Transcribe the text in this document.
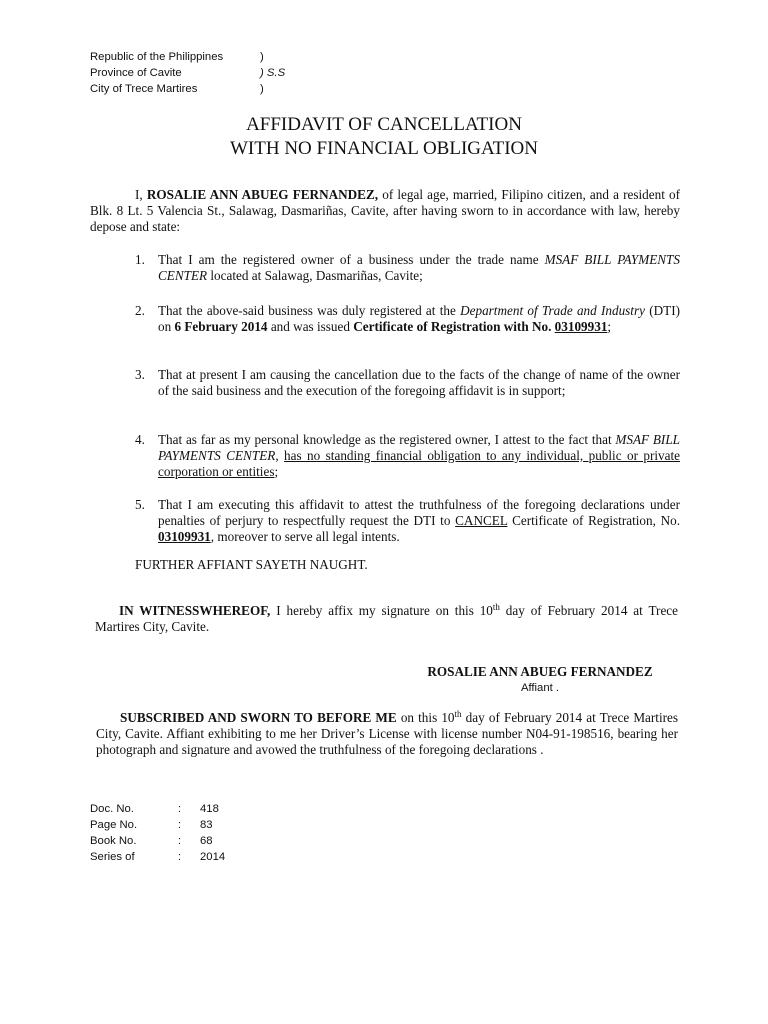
Republic of the Philippines	)
Province of Cavite	) S.S
City of Trece Martires	)
AFFIDAVIT OF CANCELLATION
WITH NO FINANCIAL OBLIGATION
I, ROSALIE ANN ABUEG FERNANDEZ, of legal age, married, Filipino citizen, and a resident of Blk. 8 Lt. 5 Valencia St., Salawag, Dasmariñas, Cavite, after having sworn to in accordance with law, hereby depose and state:
1. That I am the registered owner of a business under the trade name MSAF BILL PAYMENTS CENTER located at Salawag, Dasmariñas, Cavite;
2. That the above-said business was duly registered at the Department of Trade and Industry (DTI) on 6 February 2014 and was issued Certificate of Registration with No. 03109931;
3. That at present I am causing the cancellation due to the facts of the change of name of the owner of the said business and the execution of the foregoing affidavit is in support;
4. That as far as my personal knowledge as the registered owner, I attest to the fact that MSAF BILL PAYMENTS CENTER, has no standing financial obligation to any individual, public or private corporation or entities;
5. That I am executing this affidavit to attest the truthfulness of the foregoing declarations under penalties of perjury to respectfully request the DTI to CANCEL Certificate of Registration, No. 03109931, moreover to serve all legal intents.
FURTHER AFFIANT SAYETH NAUGHT.
IN WITNESSWHEREOF, I hereby affix my signature on this 10th day of February 2014 at Trece Martires City, Cavite.
ROSALIE ANN ABUEG FERNANDEZ
Affiant .
SUBSCRIBED AND SWORN TO BEFORE ME on this 10th day of February 2014 at Trece Martires City, Cavite. Affiant exhibiting to me her Driver’s License with license number N04-91-198516, bearing her photograph and signature and avowed the truthfulness of the foregoing declarations .
Doc. No.	: 418
Page No.	: 83
Book No.	: 68
Series of	: 2014
